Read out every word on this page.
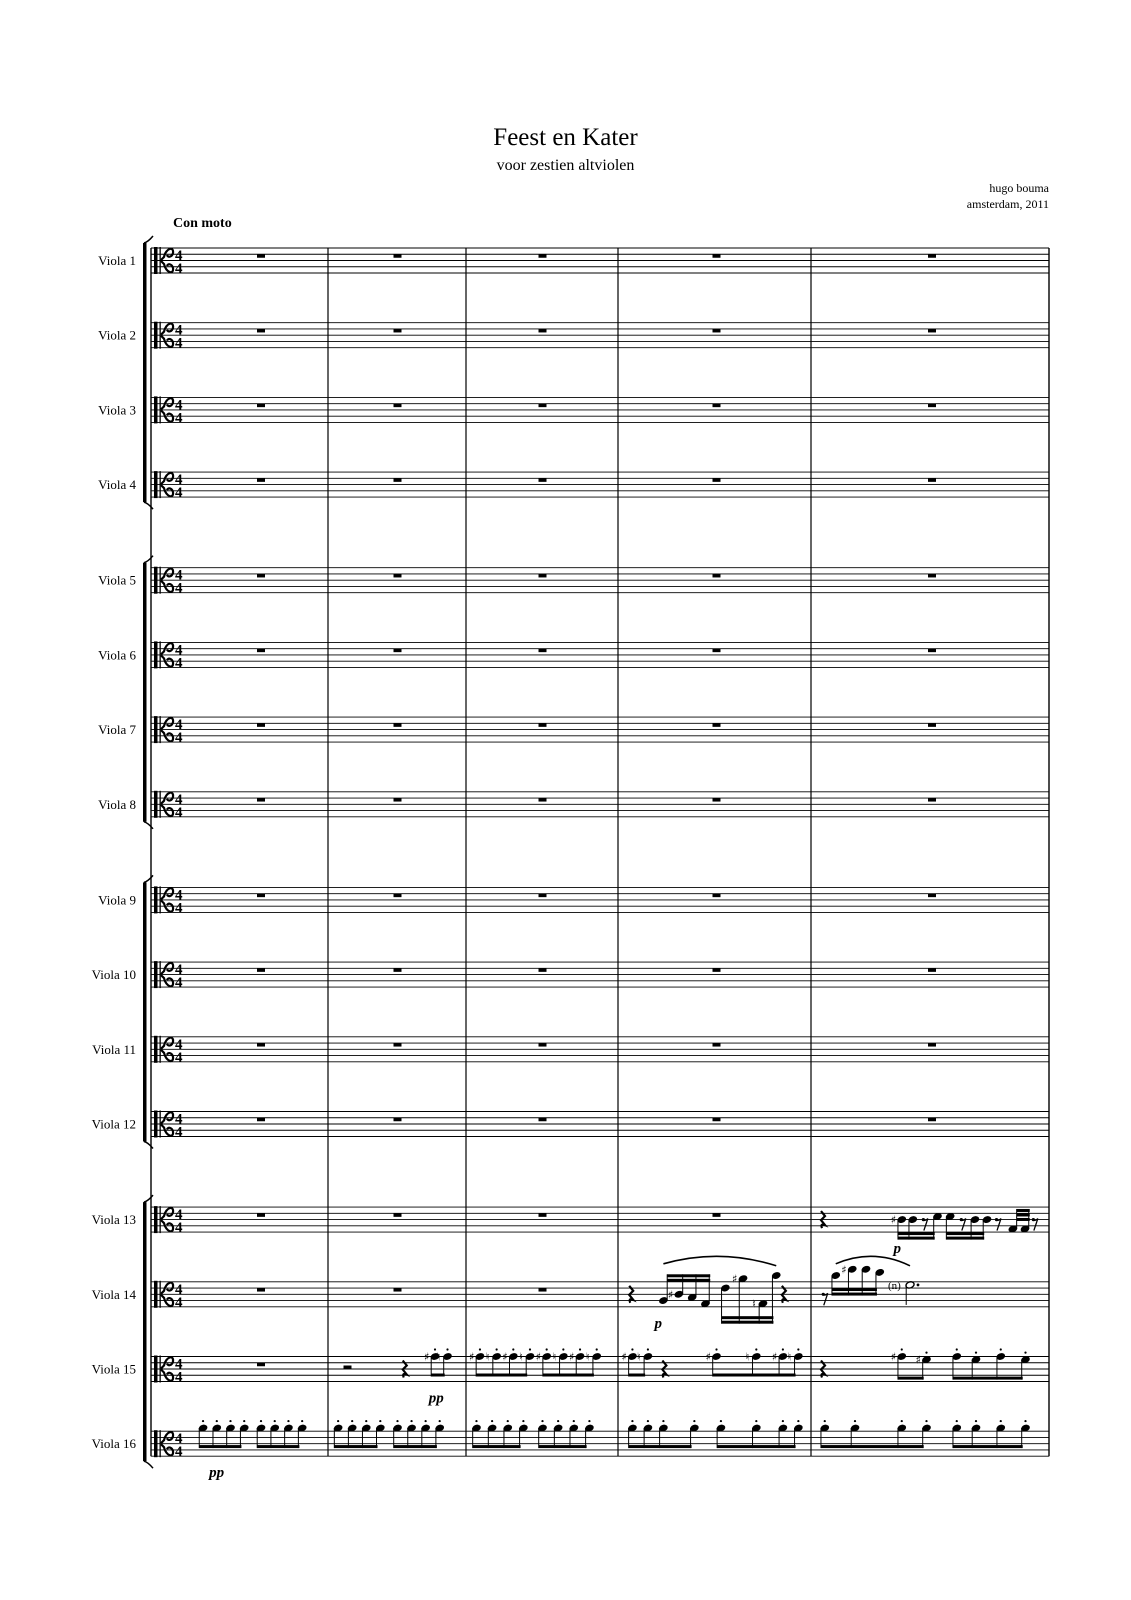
Feest en Kater
voor zestien altviolen
hugo bouma
amsterdam, 2011
Con moto
Viola 1	4
4
Viola 2	4
4
Viola 3	4
4
Viola 4	4
4
Viola 5	4
4
Viola 6	4
4
Viola 7	4
4
Viola 8	4
4
Viola 9	4
4
Viola 10	4
4
Viola 11	4
4
Viola 12	4
4
Viola 13	4
4	♯
p
Viola 14	4
4	♯
♯
♮
♯
(n)
p
Viola 15	4
4
♯ ♮	♯ ♮ ♯ ♮ ♯ ♮ ♯ ♮	♯ ♮	♯	♮ ♯ ♮	♯ ♯
pp
Viola 16	4
4
pp
